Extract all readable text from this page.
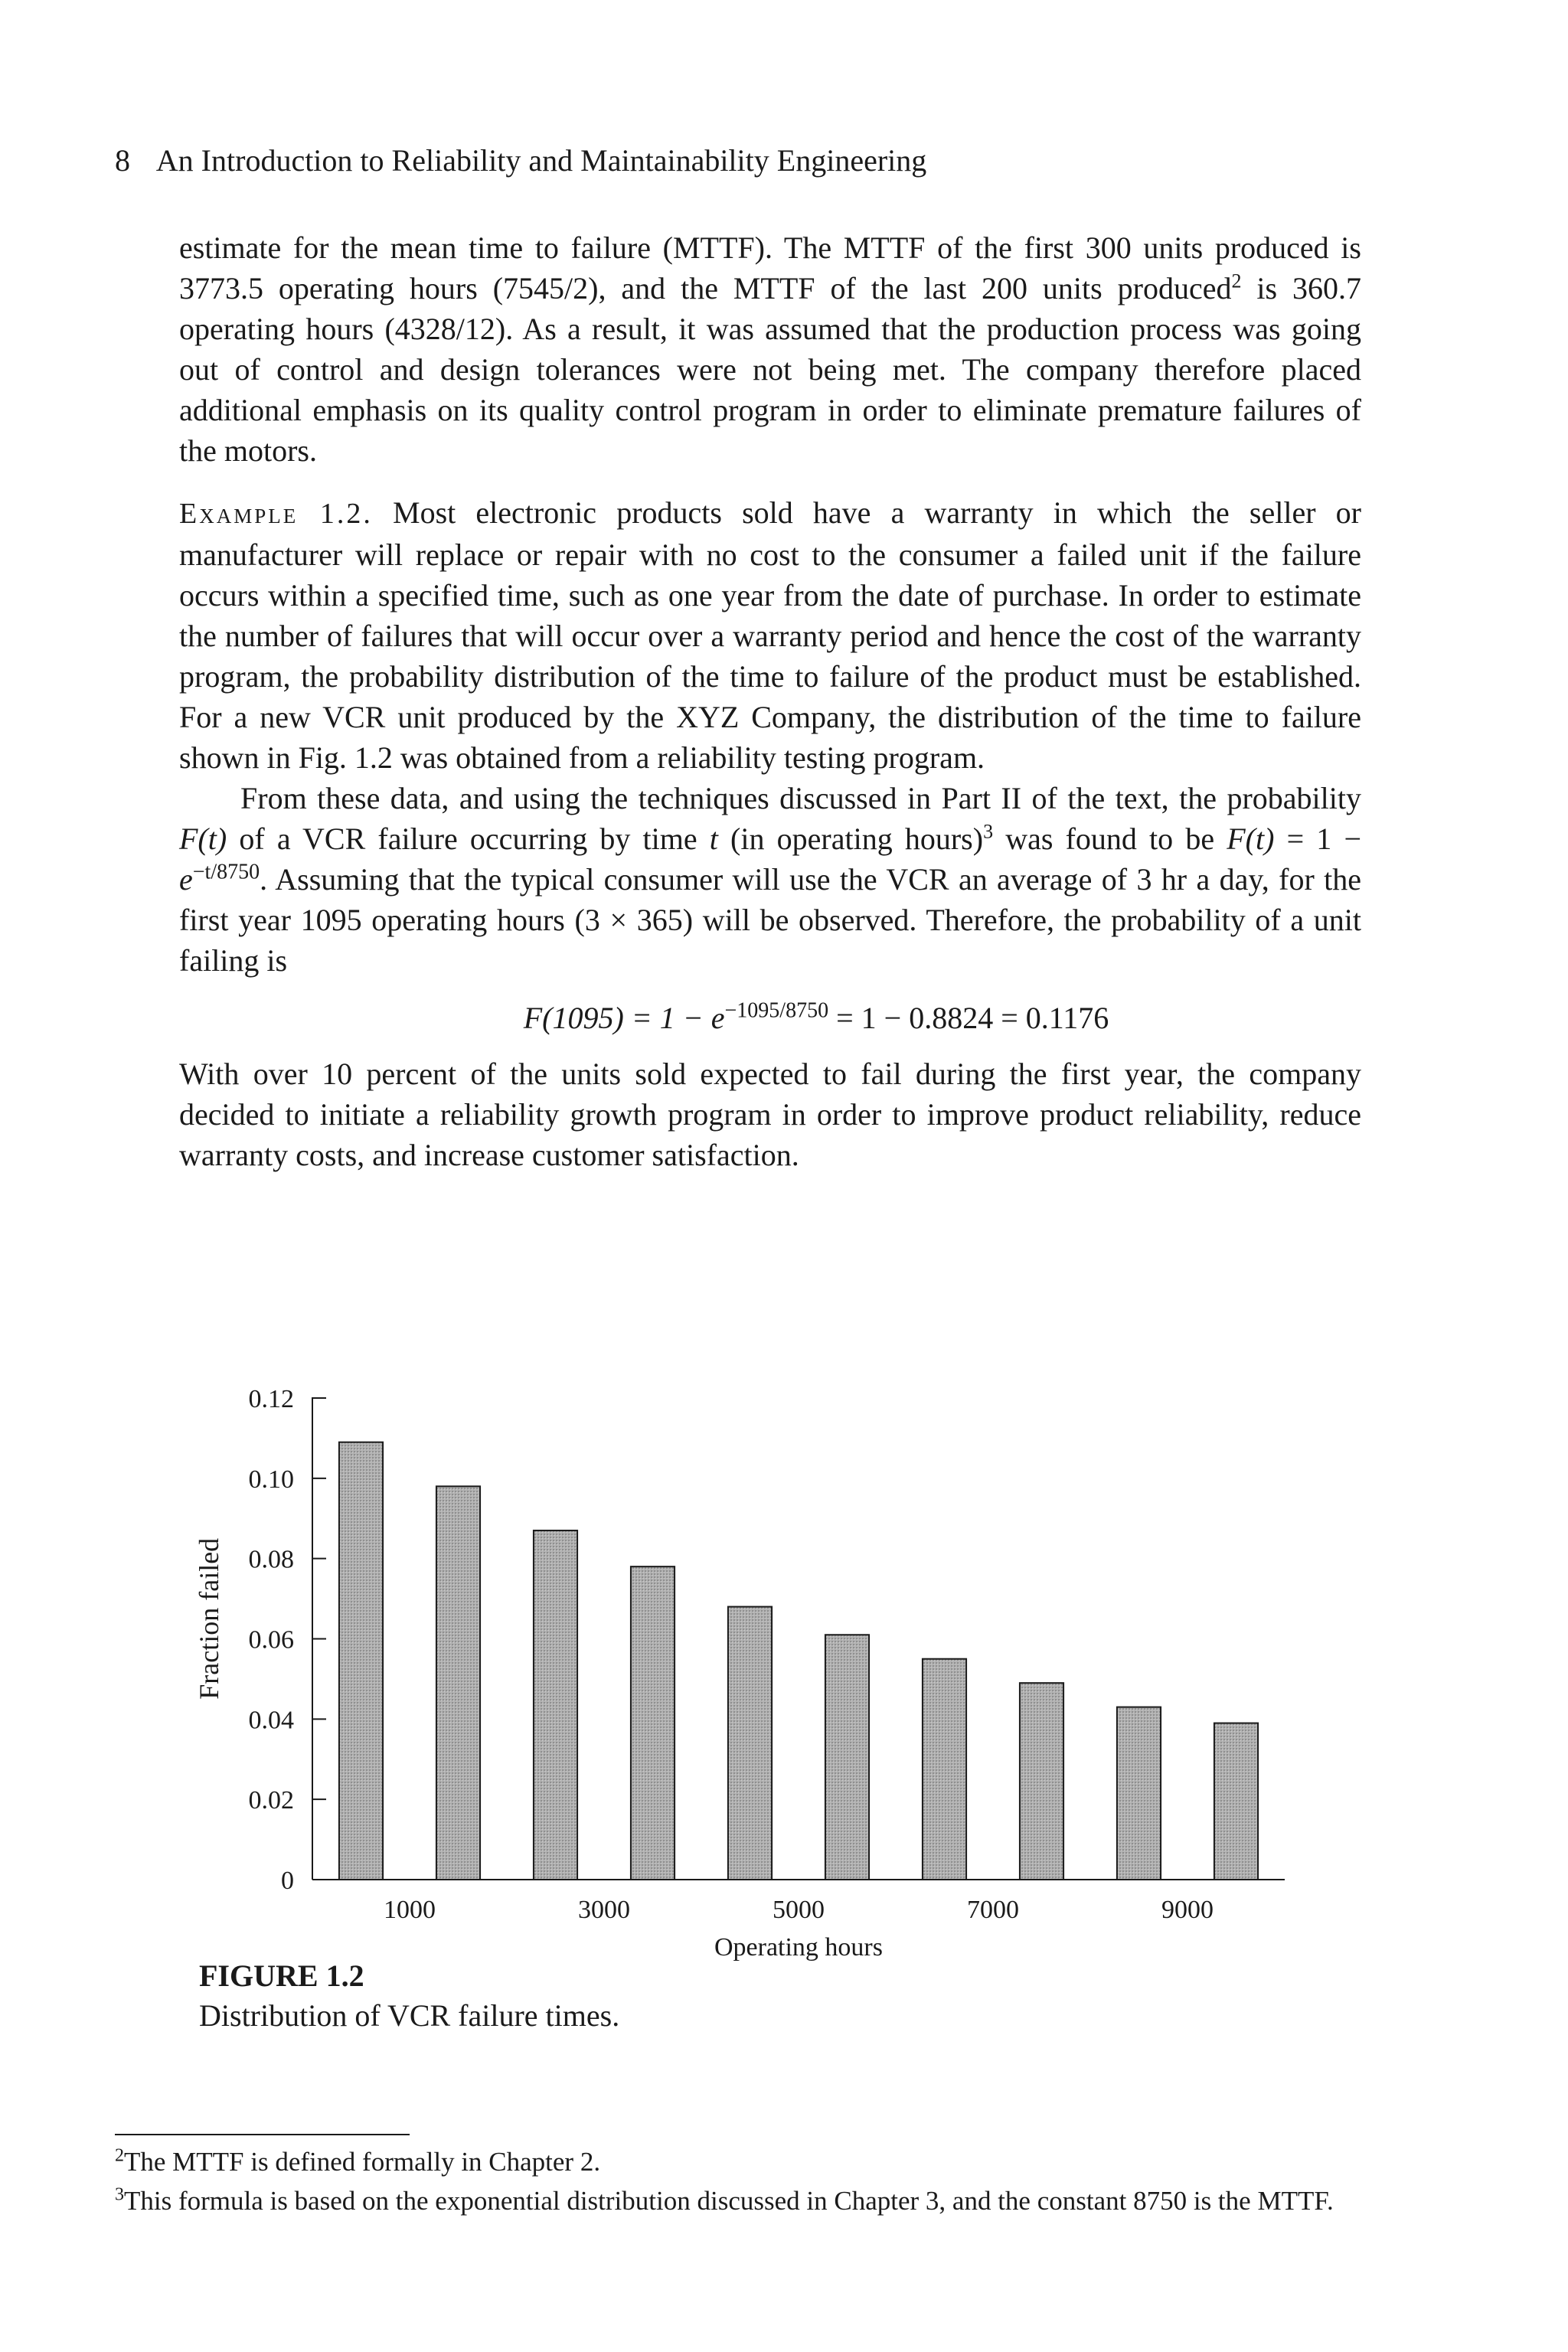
8 An Introduction to Reliability and Maintainability Engineering

estimate for the mean time to failure (MTTF). The MTTF of the first 300 units produced is 3773.5 operating hours (7545/2), and the MTTF of the last 200 units produced$^2$ is 360.7 operating hours (4328/12). As a result, it was assumed that the production process was going out of control and design tolerances were not being met. The company therefore placed additional emphasis on its quality control program in order to eliminate premature failures of the motors.

Example 1.2. Most electronic products sold have a warranty in which the seller or manufacturer will replace or repair with no cost to the consumer a failed unit if the failure occurs within a specified time, such as one year from the date of purchase. In order to estimate the number of failures that will occur over a warranty period and hence the cost of the warranty program, the probability distribution of the time to failure of the product must be established. For a new VCR unit produced by the XYZ Company, the distribution of the time to failure shown in Fig. 1.2 was obtained from a reliability testing program.

From these data, and using the techniques discussed in Part II of the text, the probability F(t) of a VCR failure occurring by time t (in operating hours)$^3$ was found to be $F(t) = 1 - e^{-t/8750}$. Assuming that the typical consumer will use the VCR an average of 3 hr a day, for the first year 1095 operating hours (3 × 365) will be observed. Therefore, the probability of a unit failing is

$F(1095) = 1 - e^{-1095/8750} = 1 - 0.8824 = 0.1176$

With over 10 percent of the units sold expected to fail during the first year, the company decided to initiate a reliability growth program in order to improve product reliability, reduce warranty costs, and increase customer satisfaction.

0
0.02
0.04
0.06
0.08
0.10
0.12
1000	3000	5000	7000	9000
Operating hours
Fraction failed
FIGURE 1.2
Distribution of VCR failure times.

$^2$The MTTF is defined formally in Chapter 2.

$^3$This formula is based on the exponential distribution discussed in Chapter 3, and the constant 8750 is the MTTF.
